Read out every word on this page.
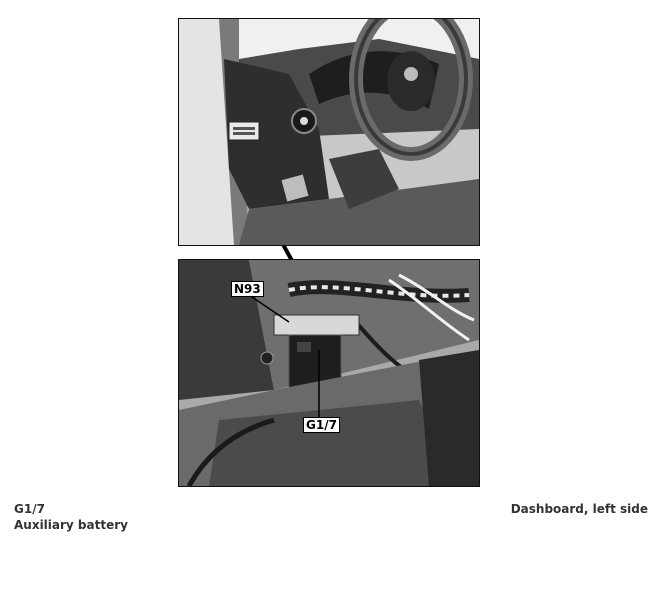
N93
G1/7
G1/7
Auxiliary battery
Dashboard, left side
